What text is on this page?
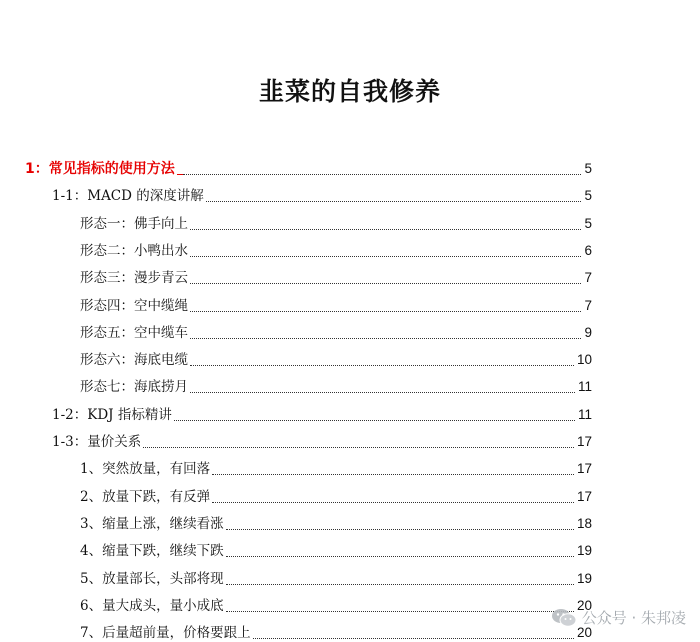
韭菜的自我修养
1：常见指标的使用方法	5
1-1：MACD 的深度讲解	5
形态一：佛手向上	5
形态二：小鸭出水	6
形态三：漫步青云	7
形态四：空中缆绳	7
形态五：空中缆车	9
形态六：海底电缆	10
形态七：海底捞月	11
1-2：KDJ 指标精讲	11
1-3：量价关系	17
1、突然放量，有回落	17
2、放量下跌，有反弹	17
3、缩量上涨，继续看涨	18
4、缩量下跌，继续下跌	19
5、放量部长，头部将现	19
6、量大成头，量小成底	20
7、后量超前量，价格要跟上	20
公众号 · 朱邦凌
